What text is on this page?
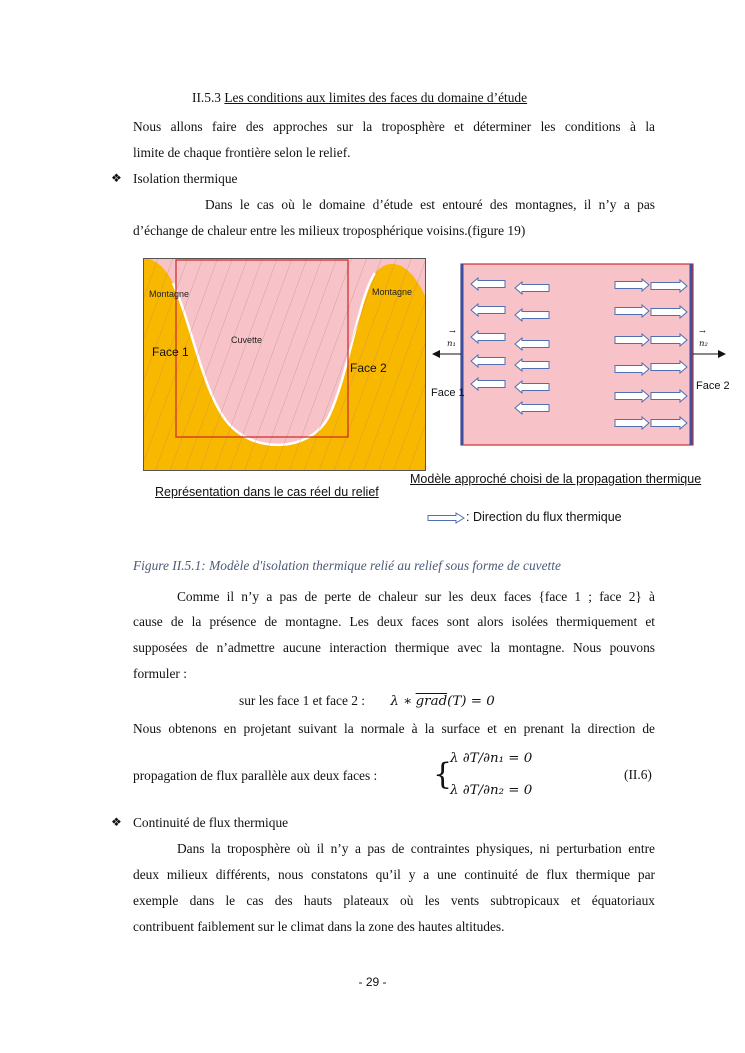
II.5.3 Les conditions aux limites des faces du domaine d’étude
Nous allons faire des approches sur la troposphère et déterminer les conditions à la
limite de chaque frontière selon le relief.
❖ Isolation thermique
Dans le cas où le domaine d’étude est entouré des montagnes, il n’y a pas
d’échange de chaleur entre les milieux troposphérique voisins.(figure 19)
Montagne	Montagne
Cuvette
Face 1
Face 2
Représentation dans le cas réel du relief
n₁
→
→
n₂
Face 1
Face 2
Modèle approché choisi de la propagation thermique
: Direction du flux thermique
Figure II.5.1: Modèle d'isolation thermique relié au relief sous forme de cuvette
Comme il n’y a pas de perte de chaleur sur les deux faces {face 1 ; face 2} à
cause de la présence de montagne. Les deux faces sont alors isolées thermiquement et
supposées de n’admettre aucune interaction thermique avec la montagne. Nous pouvons
formuler :
sur les face 1 et face 2 : λ ∗ grad(T) = 0
Nous obtenons en projetant suivant la normale à la surface et en prenant la direction de
propagation de flux parallèle aux deux faces : {
λ ∂T/∂n₁ = 0
λ ∂T/∂n₂ = 0
(II.6)
❖ Continuité de flux thermique
Dans la troposphère où il n’y a pas de contraintes physiques, ni perturbation entre
deux milieux différents, nous constatons qu’il y a une continuité de flux thermique par
exemple dans le cas des hauts plateaux où les vents subtropicaux et équatoriaux
contribuent faiblement sur le climat dans la zone des hautes altitudes.
- 29 -
